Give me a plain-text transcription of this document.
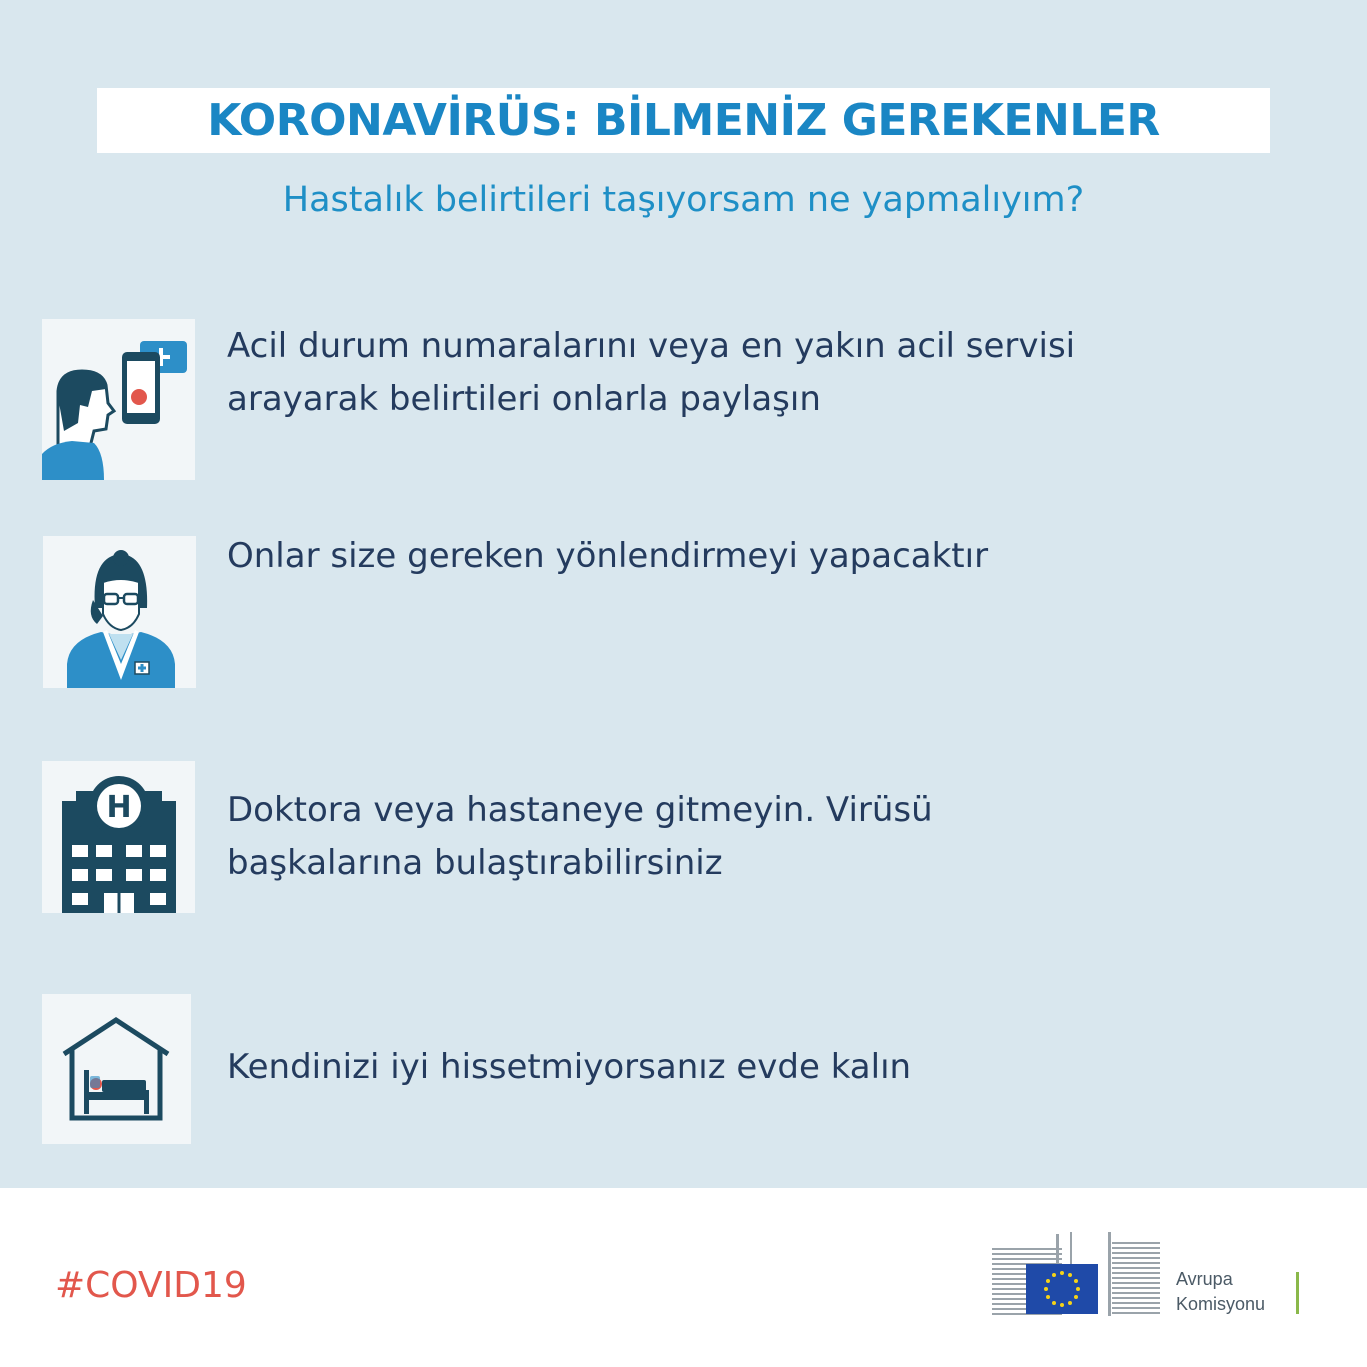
KORONAVİRÜS: BİLMENİZ GEREKENLER

Hastalık belirtileri taşıyorsam ne yapmalıyım?

Acil durum numaralarını veya en yakın acil servisi
arayarak belirtileri onlarla paylaşın

Onlar size gereken yönlendirmeyi yapacaktır

H	Doktora veya hastaneye gitmeyin. Virüsü
başkalarına bulaştırabilirsiniz

Kendinizi iyi hissetmiyorsanız evde kalın

#COVID19	Avrupa
Komisyonu
